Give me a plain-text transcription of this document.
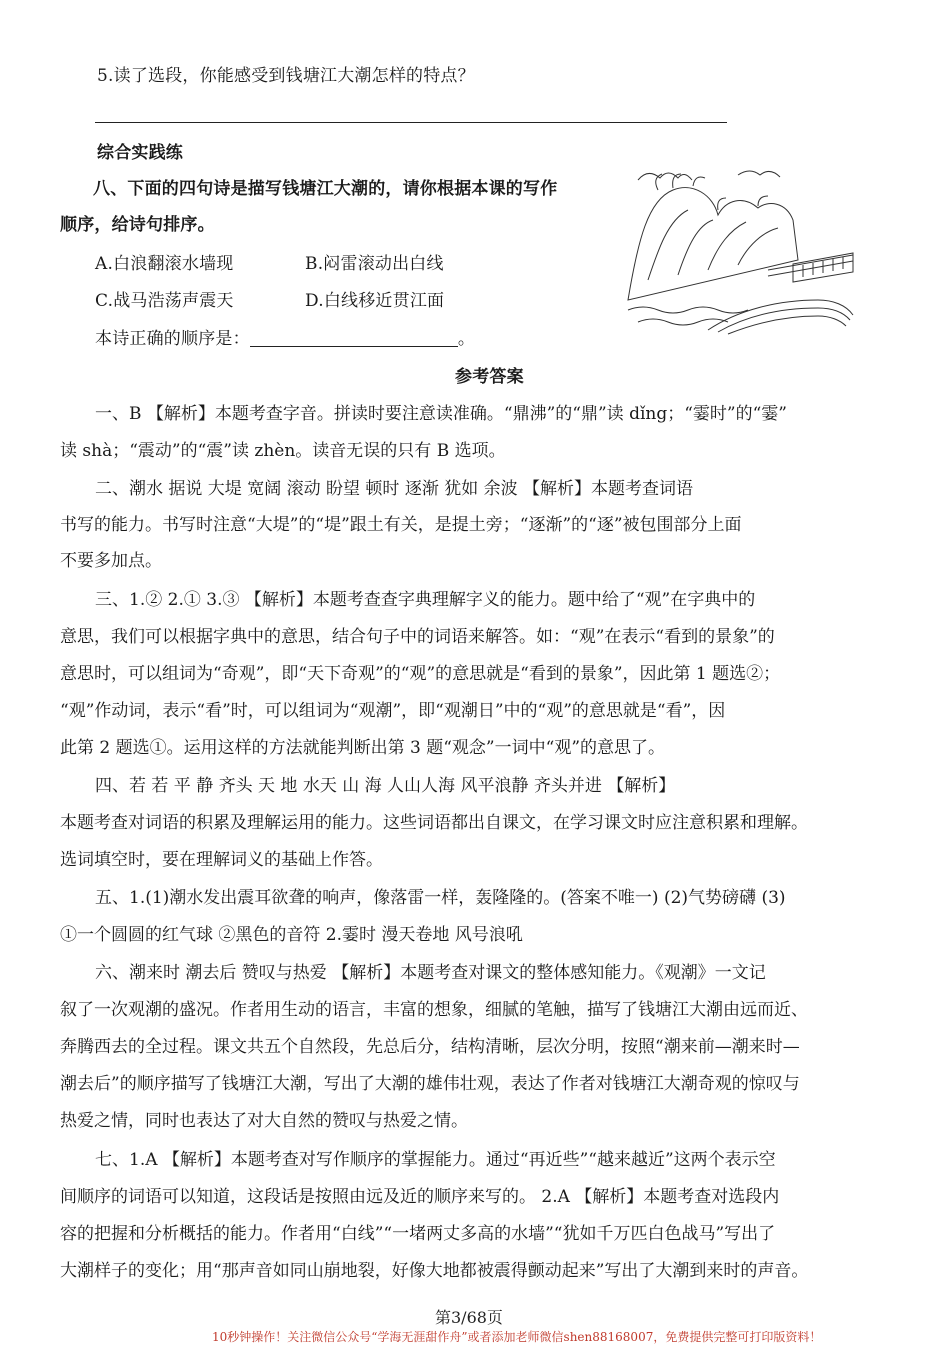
5.读了选段，你能感受到钱塘江大潮怎样的特点？
综合实践练
八、下面的四句诗是描写钱塘江大潮的，请你根据本课的写作
顺序，给诗句排序。
A.白浪翻滚水墙现	B.闷雷滚动出白线
C.战马浩荡声震天	D.白线移近贯江面
本诗正确的顺序是：	。
参考答案
一、B 【解析】本题考查字音。拼读时要注意读准确。“鼎沸”的“鼎”读 dǐng；“霎时”的“霎”
读 shà；“震动”的“震”读 zhèn。读音无误的只有 B 选项。
二、潮水 据说 大堤 宽阔 滚动 盼望 顿时 逐渐 犹如 余波 【解析】本题考查词语
书写的能力。书写时注意“大堤”的“堤”跟土有关，是提土旁；“逐渐”的“逐”被包围部分上面
不要多加点。
三、1.② 2.① 3.③ 【解析】本题考查查字典理解字义的能力。题中给了“观”在字典中的
意思，我们可以根据字典中的意思，结合句子中的词语来解答。如：“观”在表示“看到的景象”的
意思时，可以组词为“奇观”，即“天下奇观”的“观”的意思就是“看到的景象”，因此第 1 题选②；
“观”作动词，表示“看”时，可以组词为“观潮”，即“观潮日”中的“观”的意思就是“看”，因
此第 2 题选①。运用这样的方法就能判断出第 3 题“观念”一词中“观”的意思了。
四、若 若 平 静 齐头 天 地 水天 山 海 人山人海 风平浪静 齐头并进 【解析】
本题考查对词语的积累及理解运用的能力。这些词语都出自课文，在学习课文时应注意积累和理解。
选词填空时，要在理解词义的基础上作答。
五、1.(1)潮水发出震耳欲聋的响声，像落雷一样，轰隆隆的。(答案不唯一) (2)气势磅礴 (3)
①一个圆圆的红气球 ②黑色的音符 2.霎时 漫天卷地 风号浪吼
六、潮来时 潮去后 赞叹与热爱 【解析】本题考查对课文的整体感知能力。《观潮》一文记
叙了一次观潮的盛况。作者用生动的语言，丰富的想象，细腻的笔触，描写了钱塘江大潮由远而近、
奔腾西去的全过程。课文共五个自然段，先总后分，结构清晰，层次分明，按照“潮来前—潮来时—
潮去后”的顺序描写了钱塘江大潮，写出了大潮的雄伟壮观，表达了作者对钱塘江大潮奇观的惊叹与
热爱之情，同时也表达了对大自然的赞叹与热爱之情。
七、1.A 【解析】本题考查对写作顺序的掌握能力。通过“再近些”“越来越近”这两个表示空
间顺序的词语可以知道，这段话是按照由远及近的顺序来写的。 2.A 【解析】本题考查对选段内
容的把握和分析概括的能力。作者用“白线”“一堵两丈多高的水墙”“犹如千万匹白色战马”写出了
大潮样子的变化；用“那声音如同山崩地裂，好像大地都被震得颤动起来”写出了大潮到来时的声音。
第3/68页
10秒钟操作！关注微信公众号“学海无涯甜作舟”或者添加老师微信shen88168007，免费提供完整可打印版资料！
